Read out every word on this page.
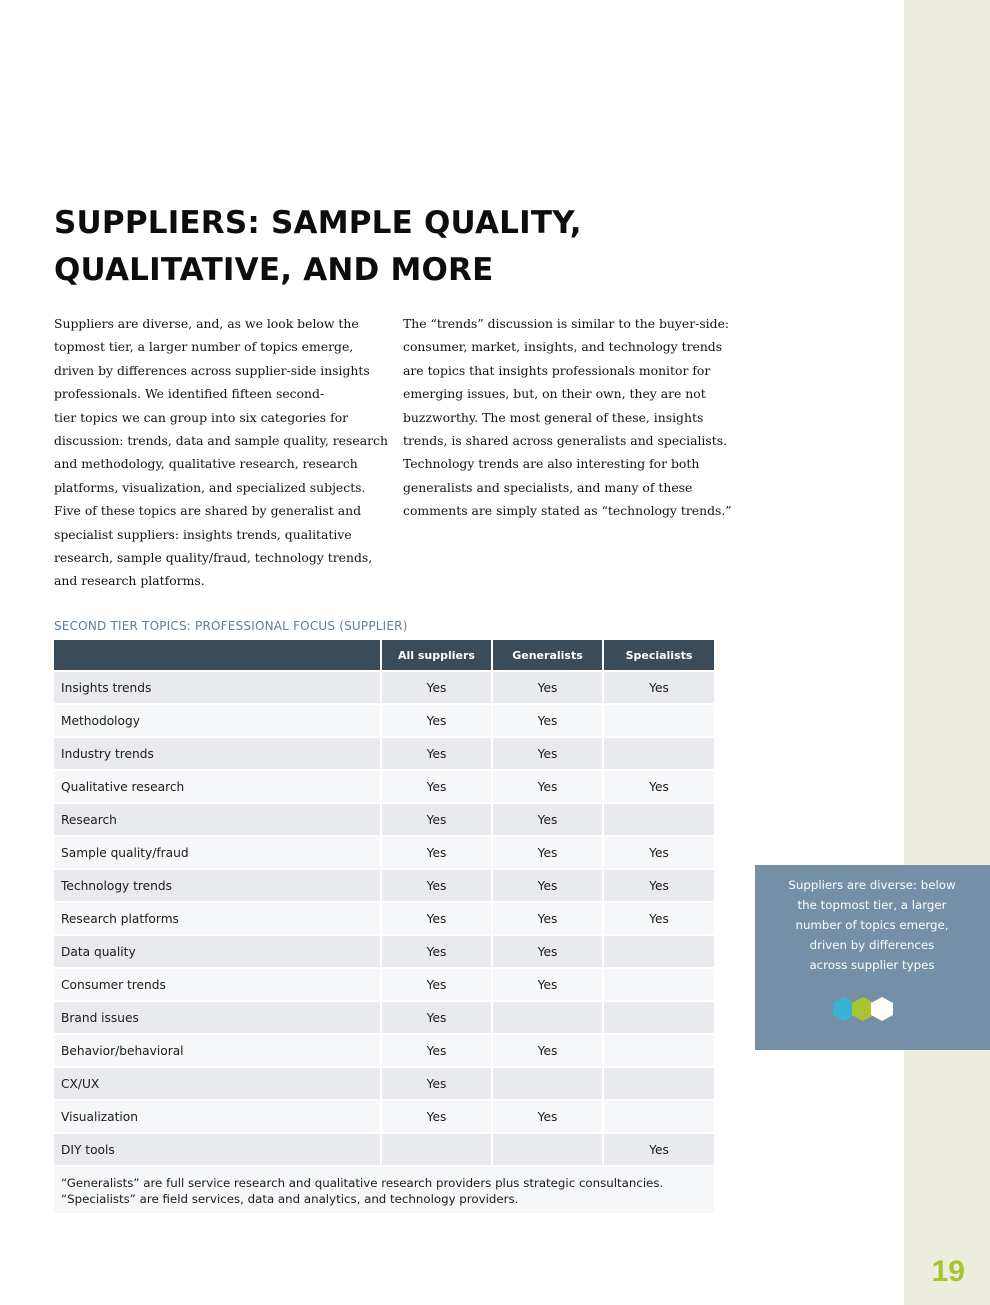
19
SUPPLIERS: SAMPLE QUALITY,
QUALITATIVE, AND MORE
Suppliers are diverse, and, as we look below the
topmost tier, a larger number of topics emerge,
driven by differences across supplier-side insights
professionals. We identified fifteen second-
tier topics we can group into six categories for
discussion: trends, data and sample quality, research
and methodology, qualitative research, research
platforms, visualization, and specialized subjects.
Five of these topics are shared by generalist and
specialist suppliers: insights trends, qualitative
research, sample quality/fraud, technology trends,
and research platforms.
The “trends” discussion is similar to the buyer-side:
consumer, market, insights, and technology trends
are topics that insights professionals monitor for
emerging issues, but, on their own, they are not
buzzworthy. The most general of these, insights
trends, is shared across generalists and specialists.
Technology trends are also interesting for both
generalists and specialists, and many of these
comments are simply stated as “technology trends.”
SECOND TIER TOPICS: PROFESSIONAL FOCUS (SUPPLIER)
	All suppliers	Generalists	Specialists
Insights trends	Yes	Yes	Yes
Methodology	Yes	Yes	
Industry trends	Yes	Yes	
Qualitative research	Yes	Yes	Yes
Research	Yes	Yes	
Sample quality/fraud	Yes	Yes	Yes
Technology trends	Yes	Yes	Yes
Research platforms	Yes	Yes	Yes
Data quality	Yes	Yes	
Consumer trends	Yes	Yes	
Brand issues	Yes		
Behavior/behavioral	Yes	Yes	
CX/UX	Yes		
Visualization	Yes	Yes	
DIY tools			Yes

“Generalists” are full service research and qualitative research providers plus strategic consultancies.
“Specialists” are field services, data and analytics, and technology providers.			
Suppliers are diverse: below
the topmost tier, a larger
number of topics emerge,
driven by differences
across supplier types
